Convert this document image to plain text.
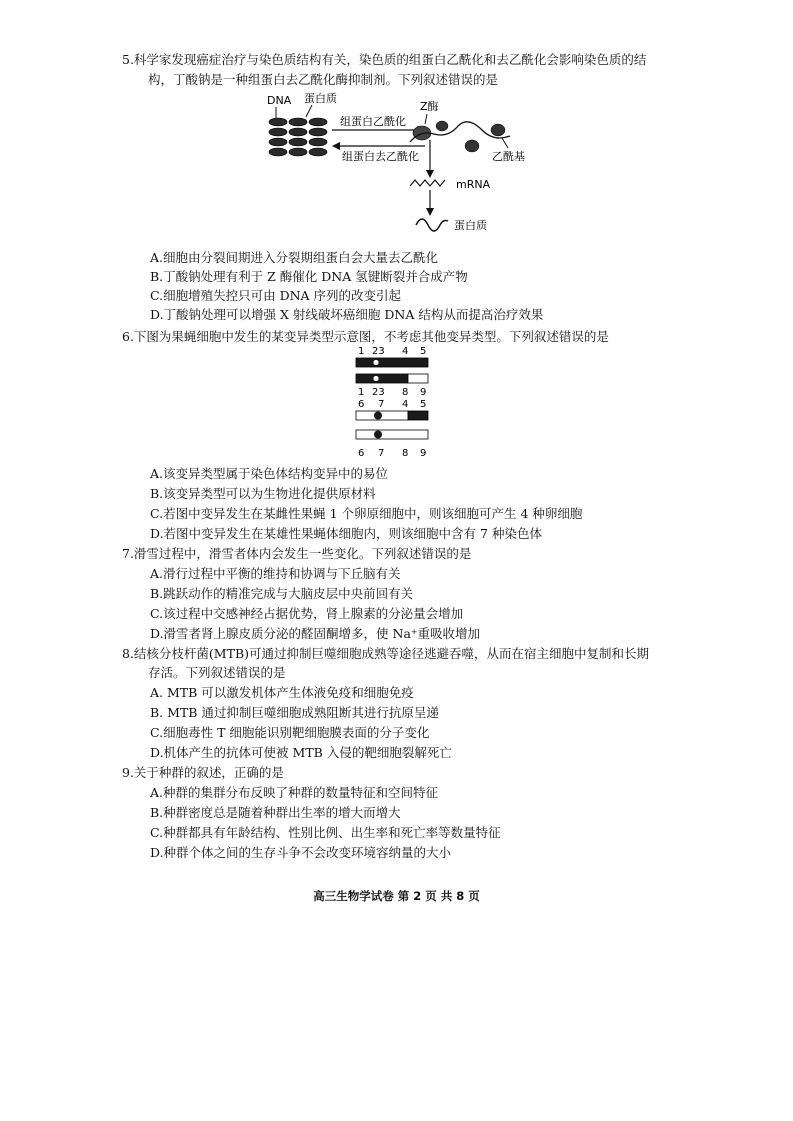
5.科学家发现癌症治疗与染色质结构有关，染色质的组蛋白乙酰化和去乙酰化会影响染色质的结
构，丁酸钠是一种组蛋白去乙酰化酶抑制剂。下列叙述错误的是
DNA 蛋白质
组蛋白乙酰化
组蛋白去乙酰化
Z酶
乙酰基
mRNA
蛋白质
A.细胞由分裂间期进入分裂期组蛋白会大量去乙酰化
B.丁酸钠处理有利于 Z 酶催化 DNA 氢键断裂并合成产物
C.细胞增殖失控只可由 DNA 序列的改变引起
D.丁酸钠处理可以增强 X 射线破坏癌细胞 DNA 结构从而提高治疗效果
6.下图为果蝇细胞中发生的某变异类型示意图，不考虑其他变异类型。下列叙述错误的是
1 23 4 5
1 23 8 9
6 7 4 5
6 7 8 9
A.该变异类型属于染色体结构变异中的易位
B.该变异类型可以为生物进化提供原材料
C.若图中变异发生在某雌性果蝇 1 个卵原细胞中，则该细胞可产生 4 种卵细胞
D.若图中变异发生在某雄性果蝇体细胞内，则该细胞中含有 7 种染色体
7.滑雪过程中，滑雪者体内会发生一些变化。下列叙述错误的是
A.滑行过程中平衡的维持和协调与下丘脑有关
B.跳跃动作的精准完成与大脑皮层中央前回有关
C.该过程中交感神经占据优势，肾上腺素的分泌量会增加
D.滑雪者肾上腺皮质分泌的醛固酮增多，使 Na⁺重吸收增加
8.结核分枝杆菌(MTB)可通过抑制巨噬细胞成熟等途径逃避吞噬，从而在宿主细胞中复制和长期
存活。下列叙述错误的是
A. MTB 可以激发机体产生体液免疫和细胞免疫
B. MTB 通过抑制巨噬细胞成熟阻断其进行抗原呈递
C.细胞毒性 T 细胞能识别靶细胞膜表面的分子变化
D.机体产生的抗体可使被 MTB 入侵的靶细胞裂解死亡
9.关于种群的叙述，正确的是
A.种群的集群分布反映了种群的数量特征和空间特征
B.种群密度总是随着种群出生率的增大而增大
C.种群都具有年龄结构、性别比例、出生率和死亡率等数量特征
D.种群个体之间的生存斗争不会改变环境容纳量的大小
高三生物学试卷 第 2 页 共 8 页
